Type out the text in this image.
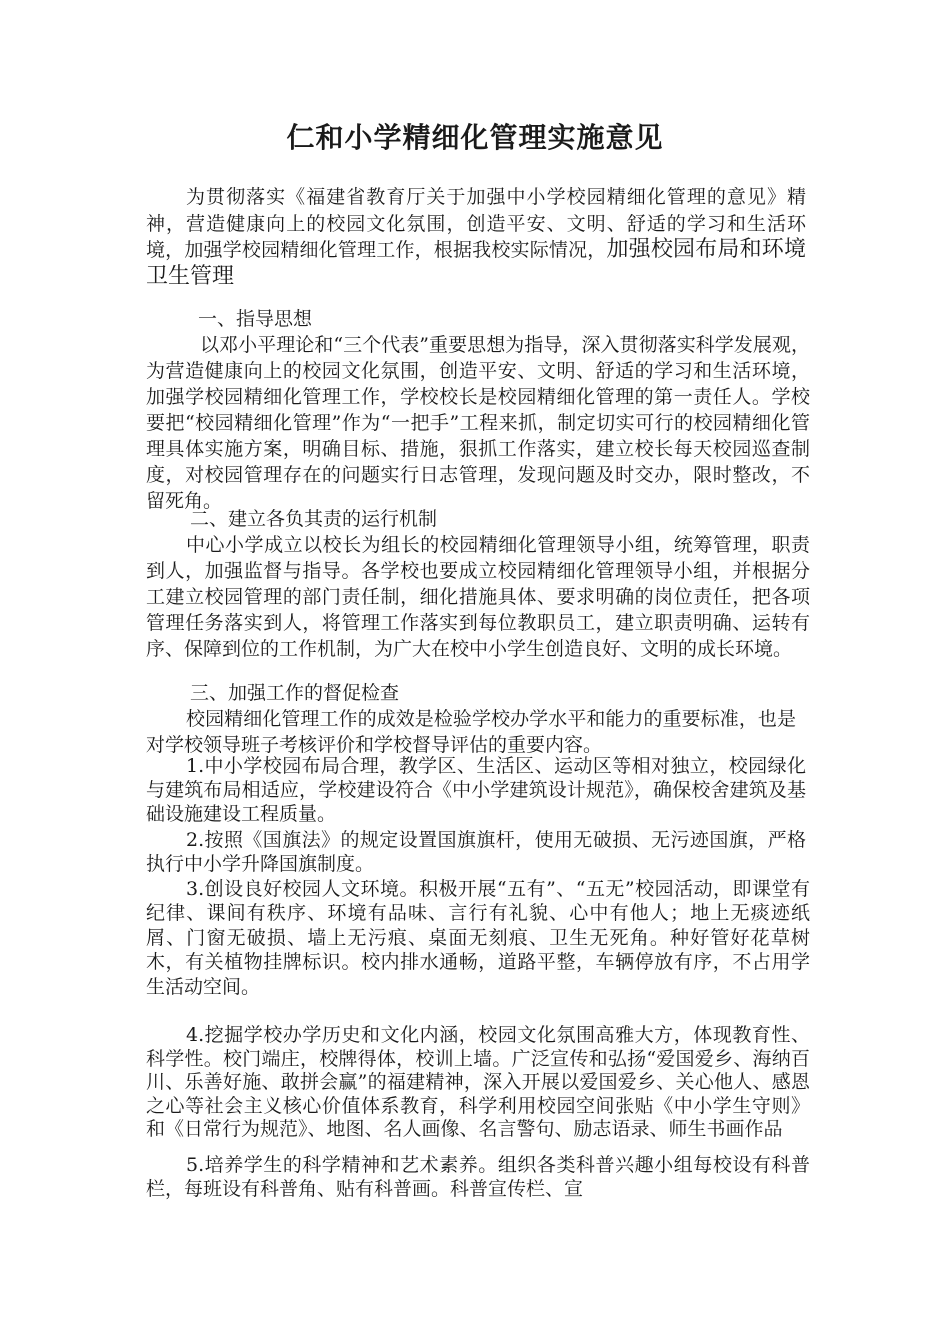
仁和小学精细化管理实施意见
为贯彻落实《福建省教育厅关于加强中小学校园精细化管理的意见》精神，营造健康向上的校园文化氛围，创造平安、文明、舒适的学习和生活环境，加强学校园精细化管理工作，根据我校实际情况，加强校园布局和环境卫生管理
一、指导思想
以邓小平理论和“三个代表”重要思想为指导，深入贯彻落实科学发展观，为营造健康向上的校园文化氛围，创造平安、文明、舒适的学习和生活环境，加强学校园精细化管理工作，学校校长是校园精细化管理的第一责任人。学校要把“校园精细化管理”作为“一把手”工程来抓，制定切实可行的校园精细化管理具体实施方案，明确目标、措施，狠抓工作落实，建立校长每天校园巡查制度，对校园管理存在的问题实行日志管理，发现问题及时交办，限时整改，不留死角。
二、建立各负其责的运行机制
中心小学成立以校长为组长的校园精细化管理领导小组，统筹管理，职责到人，加强监督与指导。各学校也要成立校园精细化管理领导小组，并根据分工建立校园管理的部门责任制，细化措施具体、要求明确的岗位责任，把各项管理任务落实到人，将管理工作落实到每位教职员工，建立职责明确、运转有序、保障到位的工作机制，为广大在校中小学生创造良好、文明的成长环境。
三、加强工作的督促检查
校园精细化管理工作的成效是检验学校办学水平和能力的重要标准，也是对学校领导班子考核评价和学校督导评估的重要内容。
1.中小学校园布局合理，教学区、生活区、运动区等相对独立，校园绿化与建筑布局相适应，学校建设符合《中小学建筑设计规范》，确保校舍建筑及基础设施建设工程质量。
2.按照《国旗法》的规定设置国旗旗杆，使用无破损、无污迹国旗，严格执行中小学升降国旗制度。
3.创设良好校园人文环境。积极开展“五有”、“五无”校园活动，即课堂有纪律、课间有秩序、环境有品味、言行有礼貌、心中有他人；地上无痰迹纸屑、门窗无破损、墙上无污痕、桌面无刻痕、卫生无死角。种好管好花草树木，有关植物挂牌标识。校内排水通畅，道路平整，车辆停放有序，不占用学生活动空间。
4.挖掘学校办学历史和文化内涵，校园文化氛围高雅大方，体现教育性、科学性。校门端庄，校牌得体，校训上墙。广泛宣传和弘扬“爱国爱乡、海纳百川、乐善好施、敢拼会赢”的福建精神，深入开展以爱国爱乡、关心他人、感恩之心等社会主义核心价值体系教育，科学利用校园空间张贴《中小学生守则》和《日常行为规范》、地图、名人画像、名言警句、励志语录、师生书画作品
5.培养学生的科学精神和艺术素养。组织各类科普兴趣小组每校设有科普栏，每班设有科普角、贴有科普画。科普宣传栏、宣
